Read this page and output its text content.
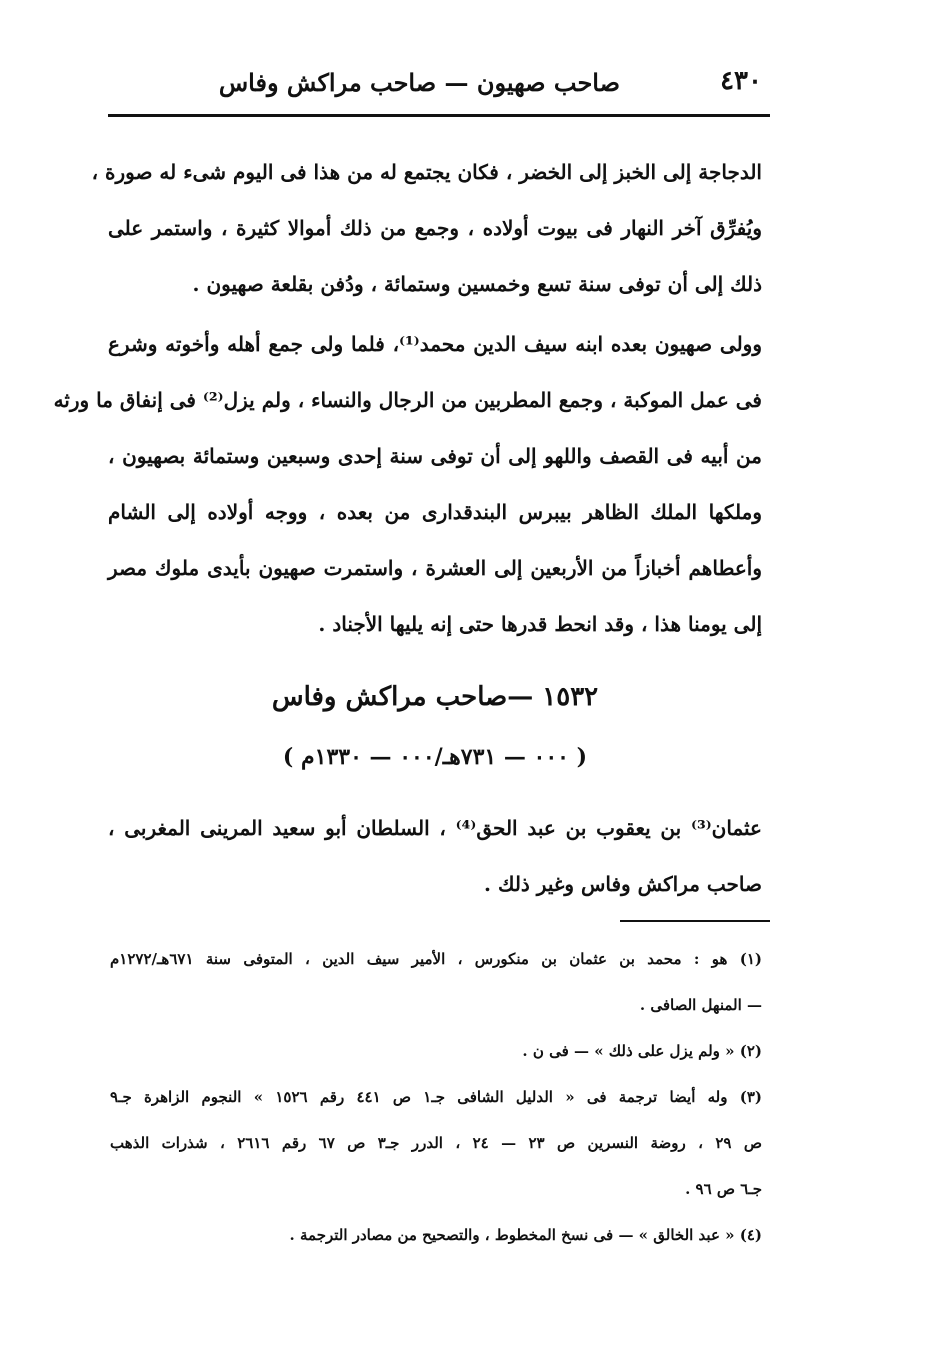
٤٣٠
صاحب صهيون — صاحب مراكش وفاس
الدجاجة إلى الخبز إلى الخضر ، فكان يجتمع له من هذا فى اليوم شىء له صورة ،
ويُفرِّق آخر النهار فى بيوت أولاده ، وجمع من ذلك أموالا كثيرة ، واستمر على
ذلك إلى أن توفى سنة تسع وخمسين وستمائة ، ودُفن بقلعة صهيون .
وولى صهيون بعده ابنه سيف الدين محمد⁽¹⁾، فلما ولى جمع أهله وأخوته وشرع
فى عمل الموكبة ، وجمع المطربين من الرجال والنساء ، ولم يزل⁽²⁾ فى إنفاق ما ورثه
من أبيه فى القصف واللهو إلى أن توفى سنة إحدى وسبعين وستمائة بصهيون ،
وملكها الملك الظاهر بيبرس البندقدارى من بعده ، ووجه أولاده إلى الشام
وأعطاهم أخبازاً من الأربعين إلى العشرة ، واستمرت صهيون بأيدى ملوك مصر
إلى يومنا هذا ، وقد انحط قدرها حتى إنه يليها الأجناد .
١٥٣٢ —صاحب مراكش وفاس
( ٠٠٠ — ٧٣١هـ/٠٠٠ — ١٣٣٠م )
عثمان⁽³⁾ بن يعقوب بن عبد الحق⁽⁴⁾ ، السلطان أبو سعيد المرينى المغربى ،
صاحب مراكش وفاس وغير ذلك .
(١) هو : محمد بن عثمان بن منكورس ، الأمير سيف الدين ، المتوفى سنة ٦٧١هـ/١٢٧٢م
— المنهل الصافى .
(٢) « ولم يزل على ذلك » — فى ن .
(٣) وله أيضا ترجمة فى « الدليل الشافى جـ١ ص ٤٤١ رقم ١٥٢٦ » النجوم الزاهرة جـ٩
ص ٢٩ ، روضة النسرين ص ٢٣ — ٢٤ ، الدرر جـ٣ ص ٦٧ رقم ٢٦١٦ ، شذرات الذهب
جـ٦ ص ٩٦ .
(٤) « عبد الخالق » — فى نسخ المخطوط ، والتصحيح من مصادر الترجمة .
